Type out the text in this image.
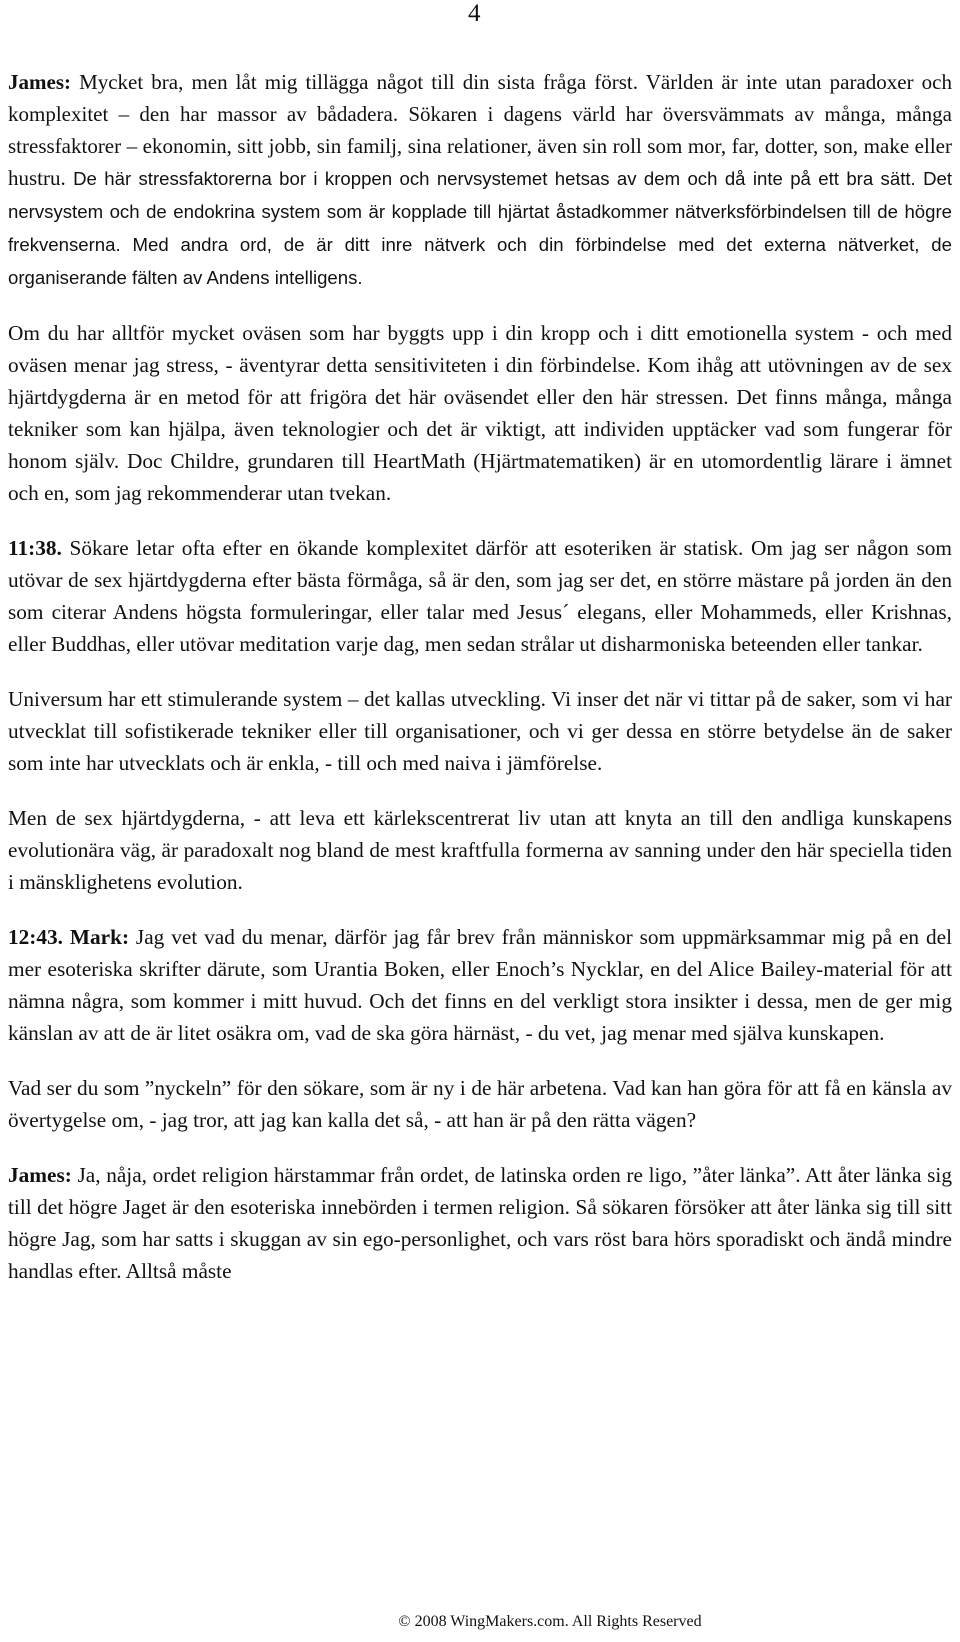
4

James: Mycket bra, men låt mig tillägga något till din sista fråga först. Världen är inte utan paradoxer och komplexitet – den har massor av bådadera. Sökaren i dagens värld har översvämmats av många, många stressfaktorer – ekonomin, sitt jobb, sin familj, sina relationer, även sin roll som mor, far, dotter, son, make eller hustru. De här stressfaktorerna bor i kroppen och nervsystemet hetsas av dem och då inte på ett bra sätt. Det nervsystem och de endokrina system som är kopplade till hjärtat åstadkommer nätverksförbindelsen till de högre frekvenserna. Med andra ord, de är ditt inre nätverk och din förbindelse med det externa nätverket, de organiserande fälten av Andens intelligens.

Om du har alltför mycket oväsen som har byggts upp i din kropp och i ditt emotionella system - och med oväsen menar jag stress, - äventyrar detta sensitiviteten i din förbindelse. Kom ihåg att utövningen av de sex hjärtdygderna är en metod för att frigöra det här oväsendet eller den här stressen. Det finns många, många tekniker som kan hjälpa, även teknologier och det är viktigt, att individen upptäcker vad som fungerar för honom själv. Doc Childre, grundaren till HeartMath (Hjärtmatematiken) är en utomordentlig lärare i ämnet och en, som jag rekommenderar utan tvekan.

11:38. Sökare letar ofta efter en ökande komplexitet därför att esoteriken är statisk. Om jag ser någon som utövar de sex hjärtdygderna efter bästa förmåga, så är den, som jag ser det, en större mästare på jorden än den som citerar Andens högsta formuleringar, eller talar med Jesus´ elegans, eller Mohammeds, eller Krishnas, eller Buddhas, eller utövar meditation varje dag, men sedan strålar ut disharmoniska beteenden eller tankar.

Universum har ett stimulerande system – det kallas utveckling. Vi inser det när vi tittar på de saker, som vi har utvecklat till sofistikerade tekniker eller till organisationer, och vi ger dessa en större betydelse än de saker som inte har utvecklats och är enkla, - till och med naiva i jämförelse.

Men de sex hjärtdygderna, - att leva ett kärlekscentrerat liv utan att knyta an till den andliga kunskapens evolutionära väg, är paradoxalt nog bland de mest kraftfulla formerna av sanning under den här speciella tiden i mänsklighetens evolution.

12:43. Mark: Jag vet vad du menar, därför jag får brev från människor som uppmärksammar mig på en del mer esoteriska skrifter därute, som Urantia Boken, eller Enoch’s Nycklar, en del Alice Bailey-material för att nämna några, som kommer i mitt huvud. Och det finns en del verkligt stora insikter i dessa, men de ger mig känslan av att de är litet osäkra om, vad de ska göra härnäst, - du vet, jag menar med själva kunskapen.

Vad ser du som ”nyckeln” för den sökare, som är ny i de här arbetena. Vad kan han göra för att få en känsla av övertygelse om, - jag tror, att jag kan kalla det så, - att han är på den rätta vägen?

James: Ja, nåja, ordet religion härstammar från ordet, de latinska orden re ligo, ”åter länka”. Att åter länka sig till det högre Jaget är den esoteriska innebörden i termen religion. Så sökaren försöker att åter länka sig till sitt högre Jag, som har satts i skuggan av sin ego-personlighet, och vars röst bara hörs sporadiskt och ändå mindre handlas efter. Alltså måste

© 2008 WingMakers.com. All Rights Reserved
